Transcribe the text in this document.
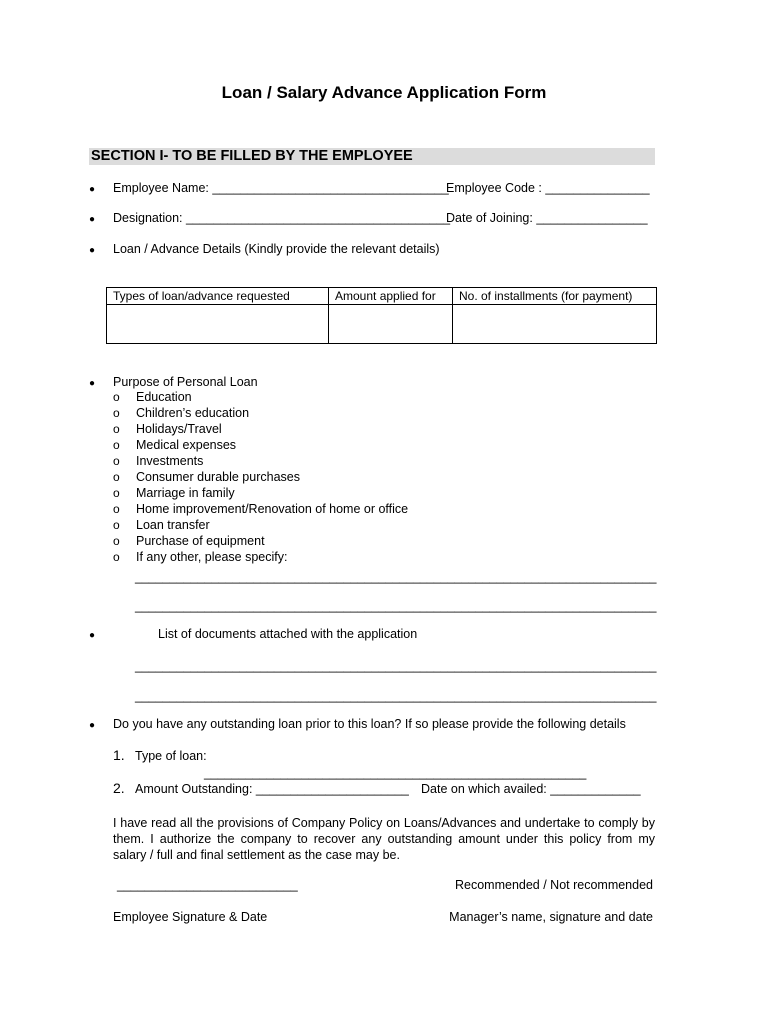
Loan / Salary Advance Application Form
SECTION I- TO BE FILLED BY THE EMPLOYEE
● Employee Name: __________________________________
Employee Code : _______________
● Designation: ______________________________________
Date of Joining: ________________
● Loan / Advance Details (Kindly provide the relevant details)
Types of loan/advance requested	Amount applied for	No. of installments (for payment)

● Purpose of Personal Loan
o Education
o Children’s education
o Holidays/Travel
o Medical expenses
o Investments
o Consumer durable purchases
o Marriage in family
o Home improvement/Renovation of home or office
o Loan transfer
o Purchase of equipment
o If any other, please specify:
___________________________________________________________________________
___________________________________________________________________________
●	List of documents attached with the application
___________________________________________________________________________
___________________________________________________________________________
● Do you have any outstanding loan prior to this loan? If so please provide the following details
1. Type of loan:
_______________________________________________________
2. Amount Outstanding: ______________________ Date on which availed: _____________
I have read all the provisions of Company Policy on Loans/Advances and undertake to comply by them. I authorize the company to recover any outstanding amount under this policy from my salary / full and final settlement as the case may be.
__________________________	Recommended / Not recommended
Employee Signature & Date	Manager’s name, signature and date
